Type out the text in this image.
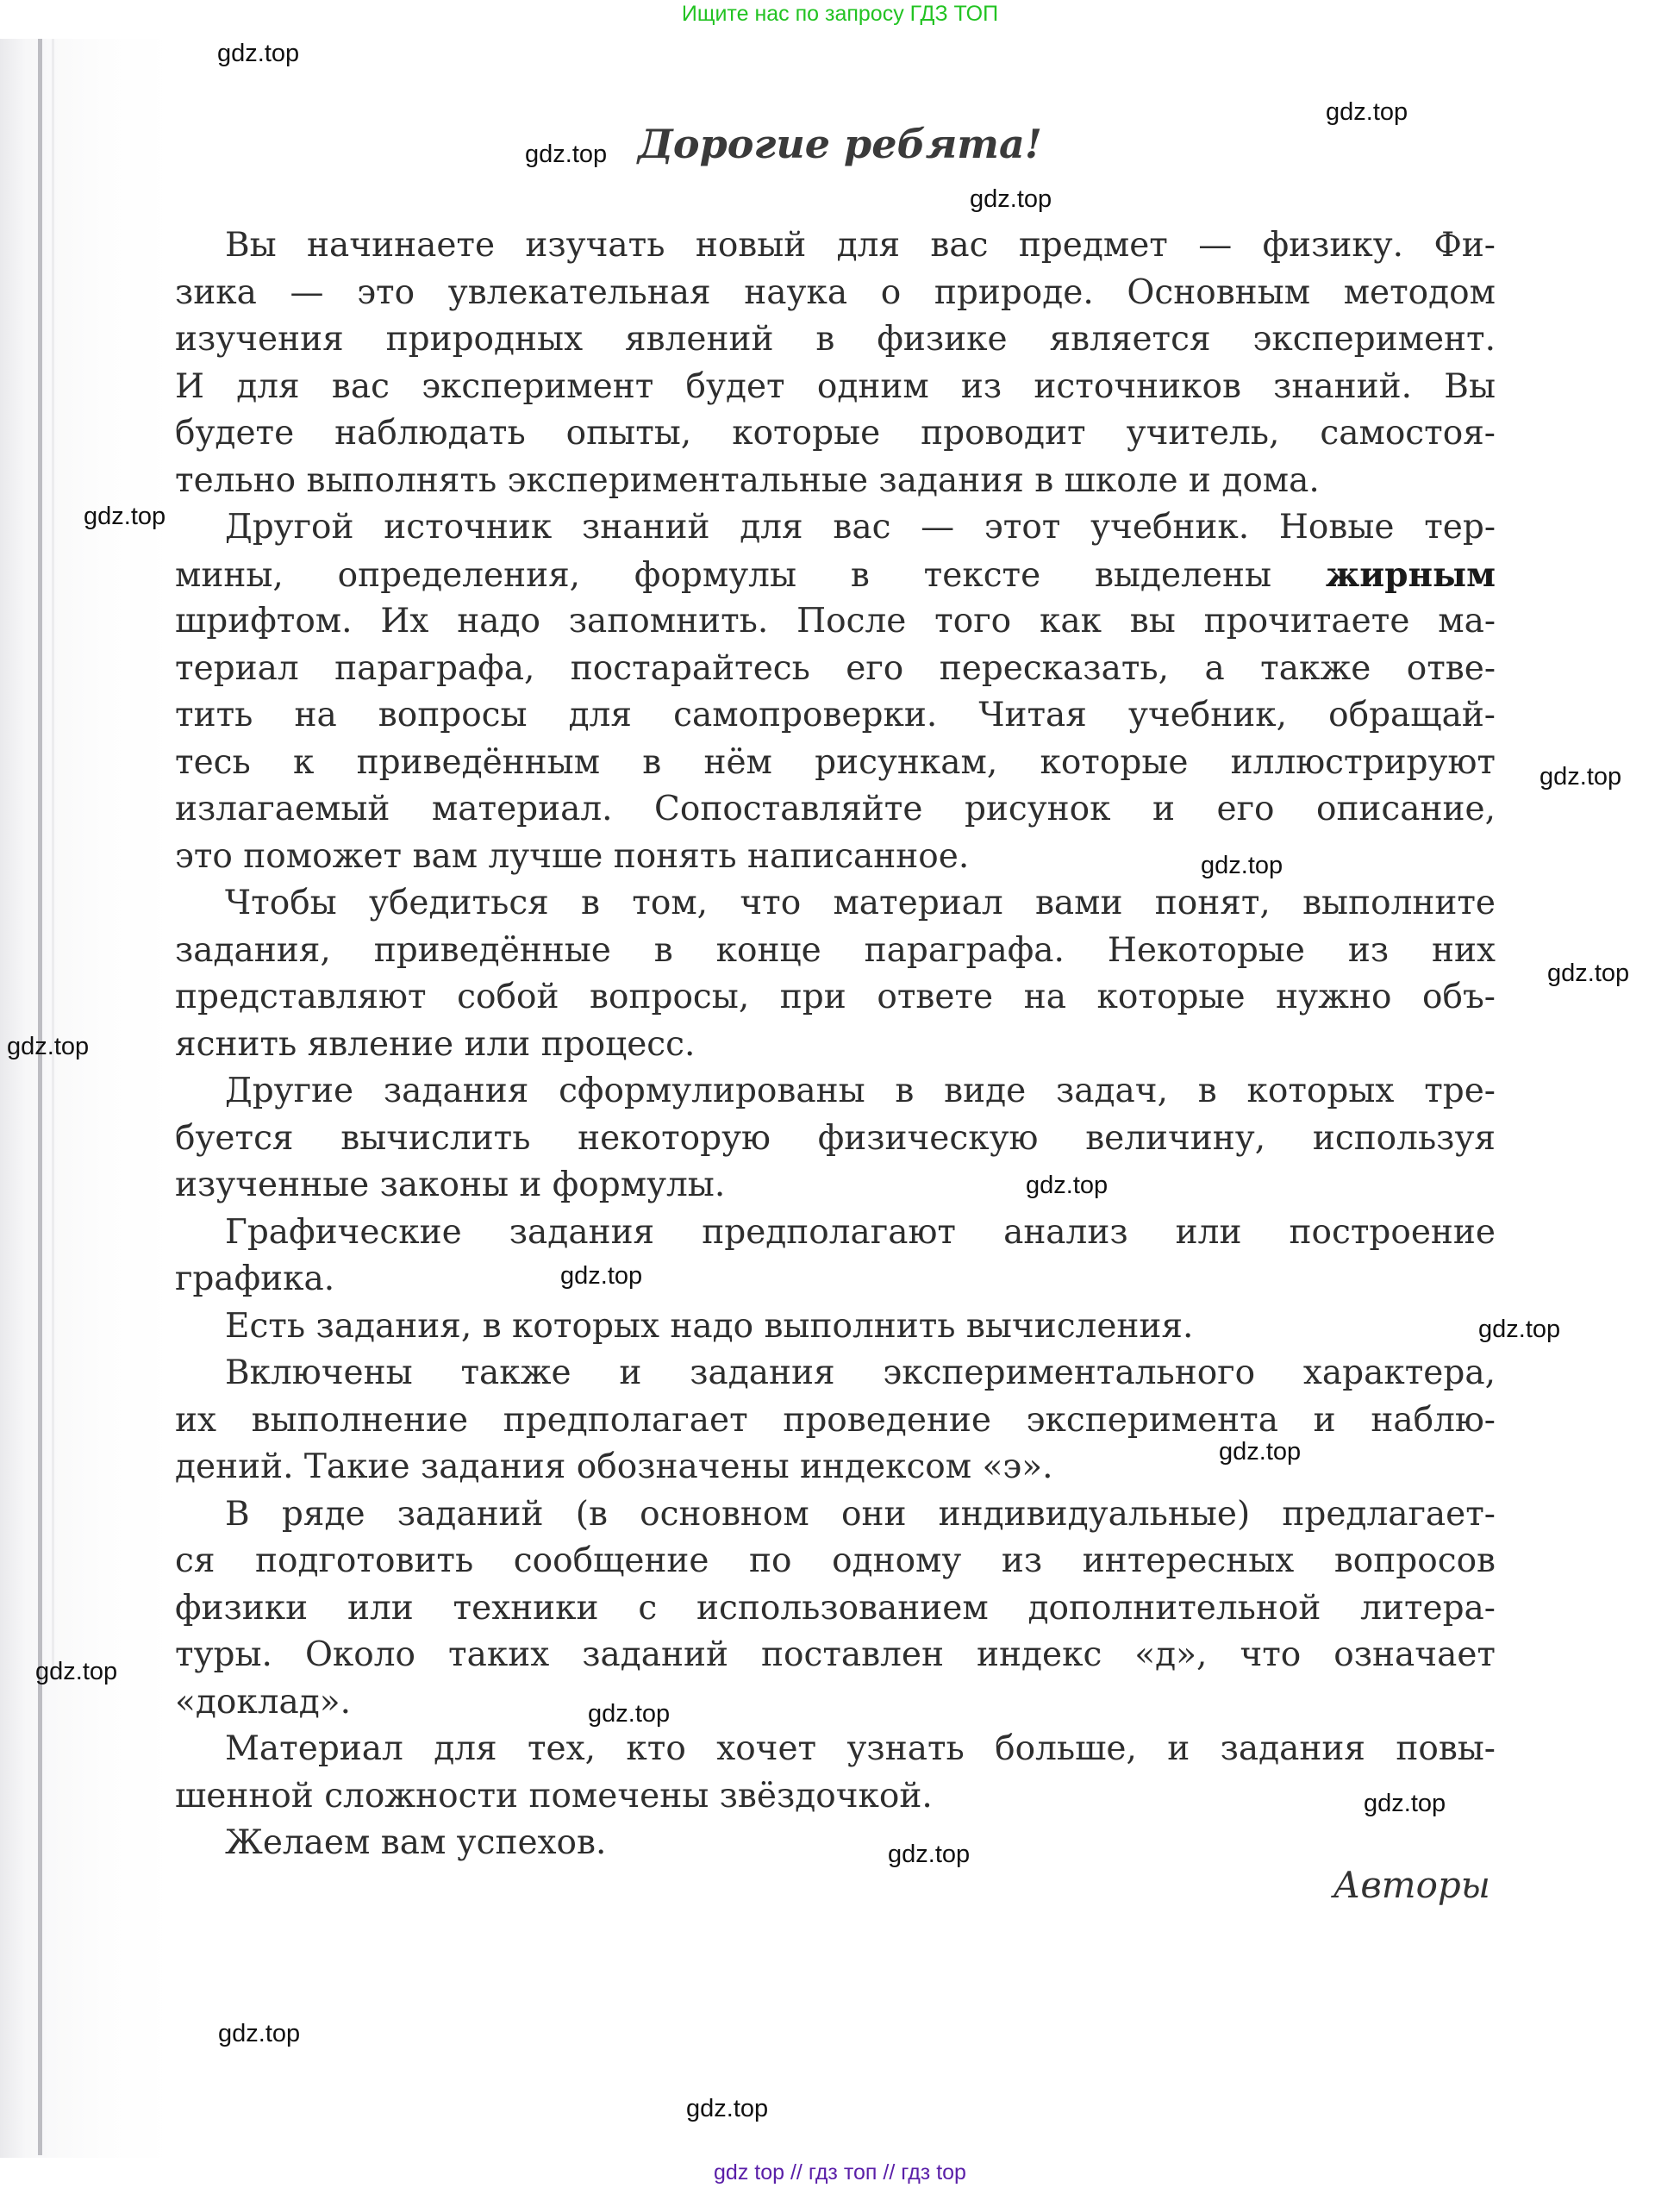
Ищите нас по запросу ГДЗ ТОП
Дорогие ребята!
Вы начинаете изучать новый для вас предмет — физику. Фи-
зика — это увлекательная наука о природе. Основным методом
изучения природных явлений в физике является эксперимент.
И для вас эксперимент будет одним из источников знаний. Вы
будете наблюдать опыты, которые проводит учитель, самостоя-
тельно выполнять экспериментальные задания в школе и дома.
Другой источник знаний для вас — этот учебник. Новые тер-
мины, определения, формулы в тексте выделены жирным
шрифтом. Их надо запомнить. После того как вы прочитаете ма-
териал параграфа, постарайтесь его пересказать, а также отве-
тить на вопросы для самопроверки. Читая учебник, обращай-
тесь к приведённым в нём рисункам, которые иллюстрируют
излагаемый материал. Сопоставляйте рисунок и его описание,
это поможет вам лучше понять написанное.
Чтобы убедиться в том, что материал вами понят, выполните
задания, приведённые в конце параграфа. Некоторые из них
представляют собой вопросы, при ответе на которые нужно объ-
яснить явление или процесс.
Другие задания сформулированы в виде задач, в которых тре-
буется вычислить некоторую физическую величину, используя
изученные законы и формулы.
Графические задания предполагают анализ или построение
графика.
Есть задания, в которых надо выполнить вычисления.
Включены также и задания экспериментального характера,
их выполнение предполагает проведение эксперимента и наблю-
дений. Такие задания обозначены индексом «э».
В ряде заданий (в основном они индивидуальные) предлагает-
ся подготовить сообщение по одному из интересных вопросов
физики или техники с использованием дополнительной литера-
туры. Около таких заданий поставлен индекс «д», что означает
«доклад».
Материал для тех, кто хочет узнать больше, и задания повы-
шенной сложности помечены звёздочкой.
Желаем вам успехов.
Авторы
gdz.top
gdz.top
gdz.top
gdz.top
gdz.top
gdz.top
gdz.top
gdz.top
gdz.top
gdz.top
gdz.top
gdz.top
gdz.top
gdz.top
gdz.top
gdz.top
gdz.top
gdz.top
gdz.top
gdz top // гдз топ // гдз top
